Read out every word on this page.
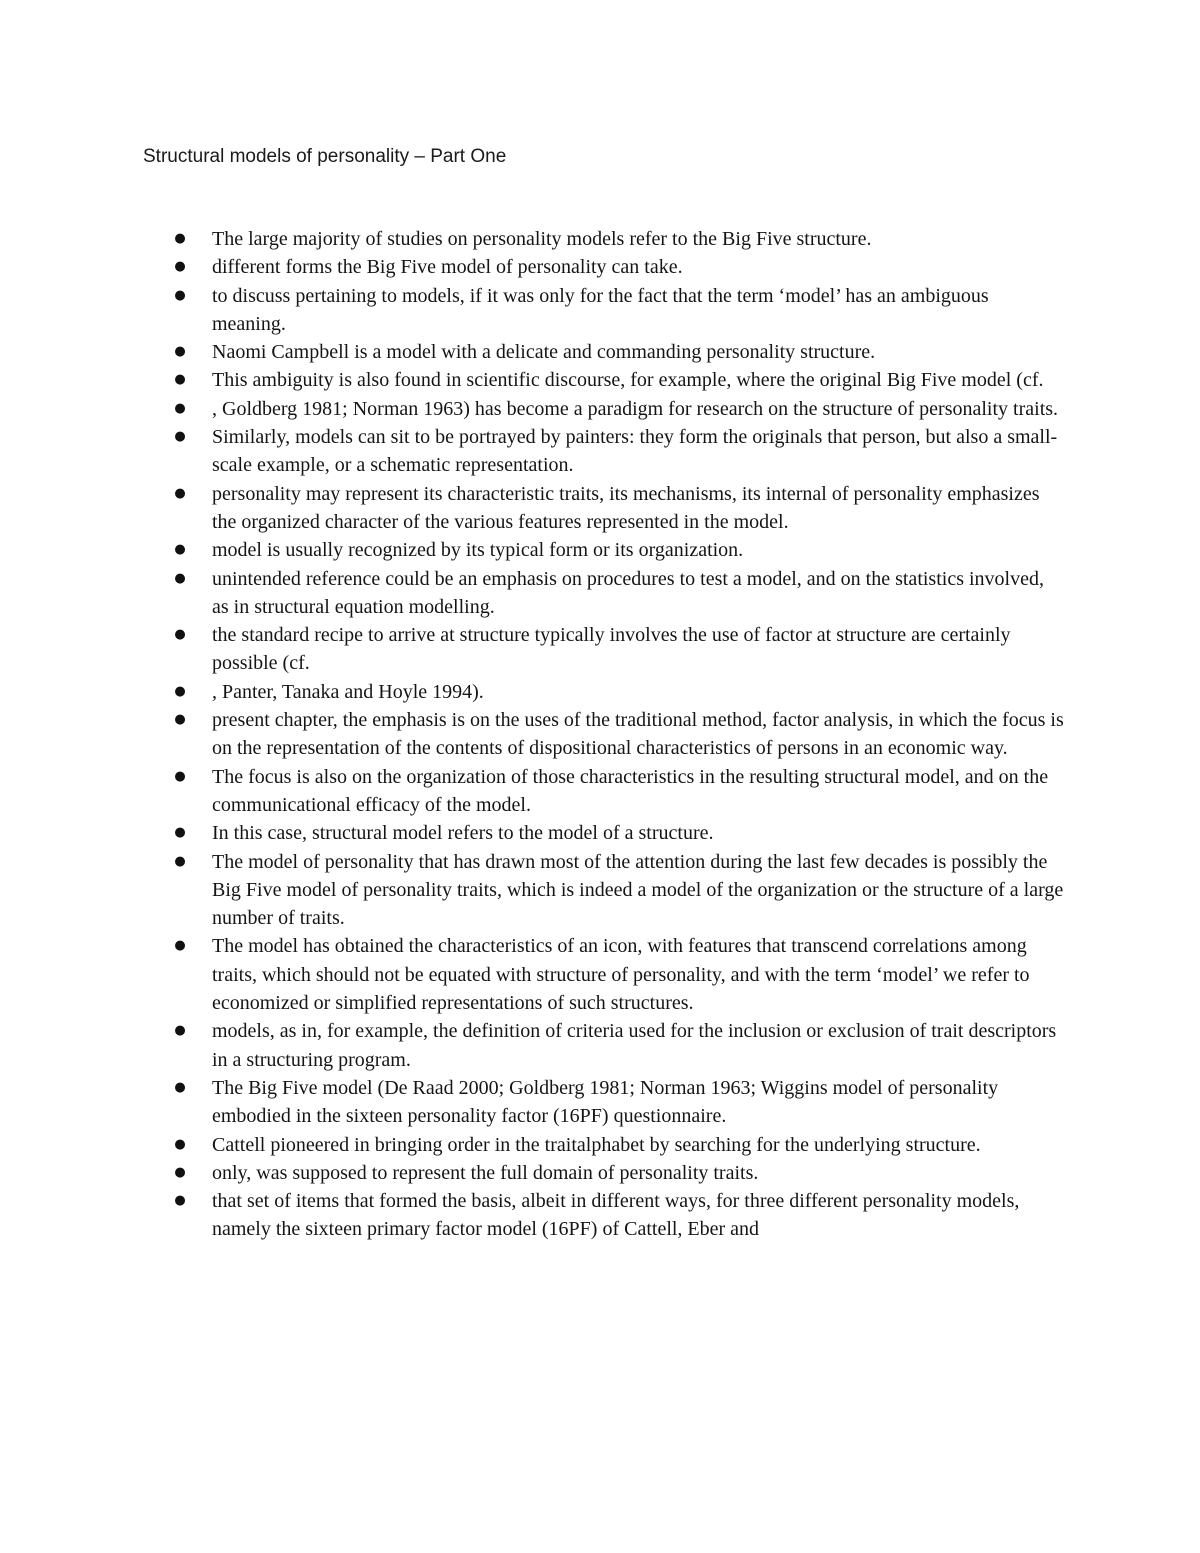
Structural models of personality – Part One
● The large majority of studies on personality models refer to the Big Five structure.
● different forms the Big Five model of personality can take.
● to discuss pertaining to models, if it was only for the fact that the term ‘model’ has an ambiguous meaning.
● Naomi Campbell is a model with a delicate and commanding personality structure.
● This ambiguity is also found in scientific discourse, for example, where the original Big Five model (cf.
● , Goldberg 1981; Norman 1963) has become a paradigm for research on the structure of personality traits.
● Similarly, models can sit to be portrayed by painters: they form the originals that person, but also a small-scale example, or a schematic representation.
● personality may represent its characteristic traits, its mechanisms, its internal of personality emphasizes the organized character of the various features represented in the model.
● model is usually recognized by its typical form or its organization.
● unintended reference could be an emphasis on procedures to test a model, and on the statistics involved, as in structural equation modelling.
● the standard recipe to arrive at structure typically involves the use of factor at structure are certainly possible (cf.
● , Panter, Tanaka and Hoyle 1994).
● present chapter, the emphasis is on the uses of the traditional method, factor analysis, in which the focus is on the representation of the contents of dispositional characteristics of persons in an economic way.
● The focus is also on the organization of those characteristics in the resulting structural model, and on the communicational efficacy of the model.
● In this case, structural model refers to the model of a structure.
● The model of personality that has drawn most of the attention during the last few decades is possibly the Big Five model of personality traits, which is indeed a model of the organization or the structure of a large number of traits.
● The model has obtained the characteristics of an icon, with features that transcend correlations among traits, which should not be equated with structure of personality, and with the term ‘model’ we refer to economized or simplified representations of such structures.
● models, as in, for example, the definition of criteria used for the inclusion or exclusion of trait descriptors in a structuring program.
● The Big Five model (De Raad 2000; Goldberg 1981; Norman 1963; Wiggins model of personality embodied in the sixteen personality factor (16PF) questionnaire.
● Cattell pioneered in bringing order in the traitalphabet by searching for the underlying structure.
● only, was supposed to represent the full domain of personality traits.
● that set of items that formed the basis, albeit in different ways, for three different personality models, namely the sixteen primary factor model (16PF) of Cattell, Eber and
